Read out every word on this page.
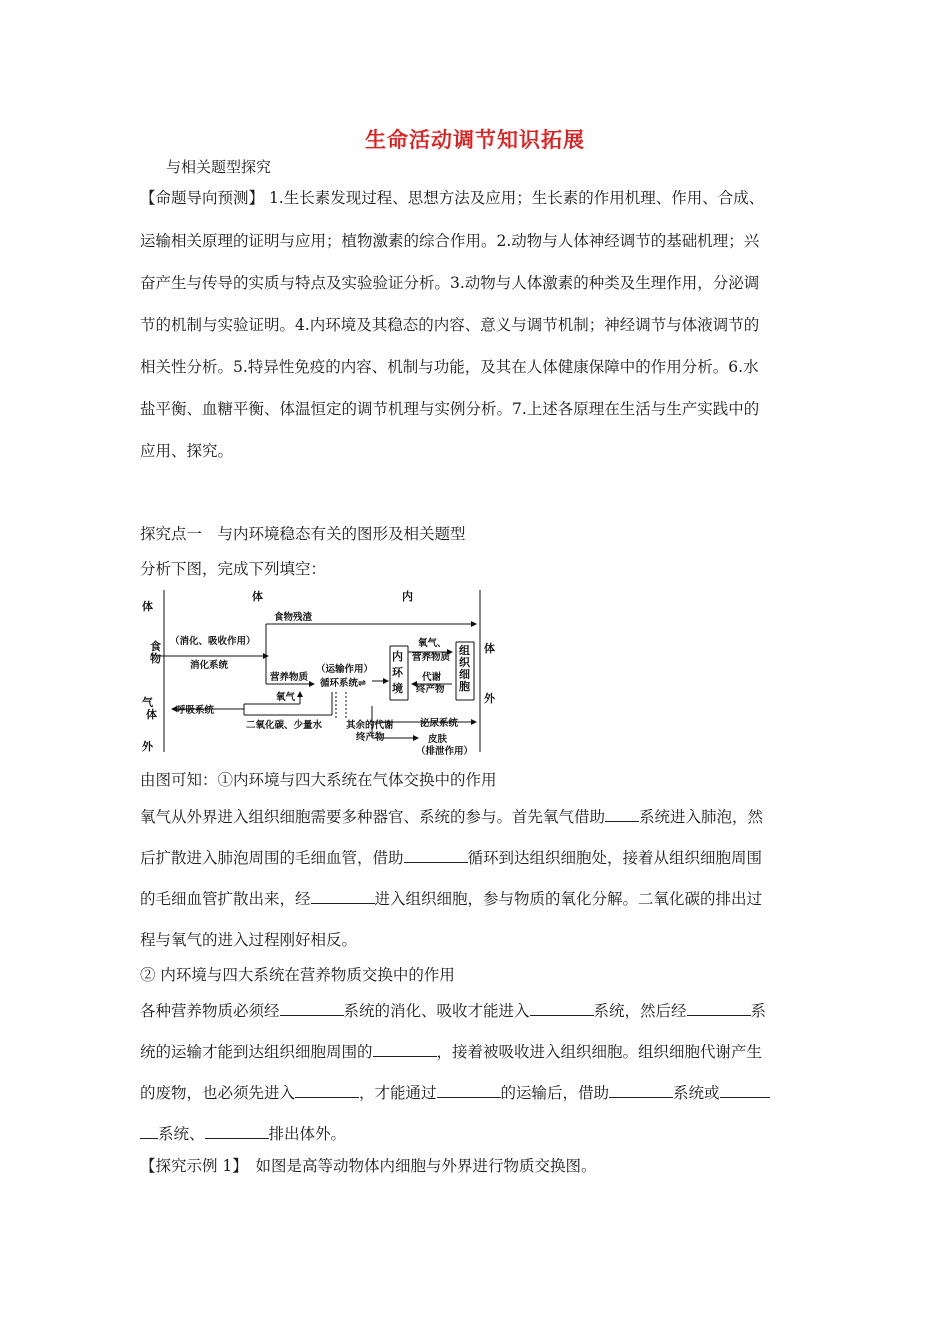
生命活动调节知识拓展
与相关题型探究
【命题导向预测】 1.生长素发现过程、思想方法及应用；生长素的作用机理、作用、合成、
运输相关原理的证明与应用；植物激素的综合作用。2.动物与人体神经调节的基础机理；兴
奋产生与传导的实质与特点及实验验证分析。3.动物与人体激素的种类及生理作用，分泌调
节的机制与实验证明。4.内环境及其稳态的内容、意义与调节机制；神经调节与体液调节的
相关性分析。5.特异性免疫的内容、机制与功能，及其在人体健康保障中的作用分析。6.水
盐平衡、血糖平衡、体温恒定的调节机理与实例分析。7.上述各原理在生活与生产实践中的
应用、探究。
探究点一　与内环境稳态有关的图形及相关题型
分析下图，完成下列填空：
体
体	内
食
物
气
体
外
体
外
内
环
境
组
织
细
胞
（消化、吸收作用）
消化系统
食物残渣
营养物质
（运输作用）
循环系统⇌
呼吸系统
氧气
二氧化碳、少量水
氧气、
营养物质
代谢
终产物
其余的代谢
终产物
泌尿系统
皮肤
（排泄作用）
由图可知：①内环境与四大系统在气体交换中的作用
氧气从外界进入组织细胞需要多种器官、系统的参与。首先氧气借助 系统进入肺泡，然
后扩散进入肺泡周围的毛细血管，借助	循环到达组织细胞处，接着从组织细胞周围
的毛细血管扩散出来，经	进入组织细胞，参与物质的氧化分解。二氧化碳的排出过
程与氧气的进入过程刚好相反。
② 内环境与四大系统在营养物质交换中的作用
各种营养物质必须经	系统的消化、吸收才能进入	系统，然后经	系
统的运输才能到达组织细胞周围的	，接着被吸收进入组织细胞。组织细胞代谢产生
的废物，也必须先进入	，才能通过	的运输后，借助	系统或
系统、	排出体外。
【探究示例 1】　如图是高等动物体内细胞与外界进行物质交换图。
